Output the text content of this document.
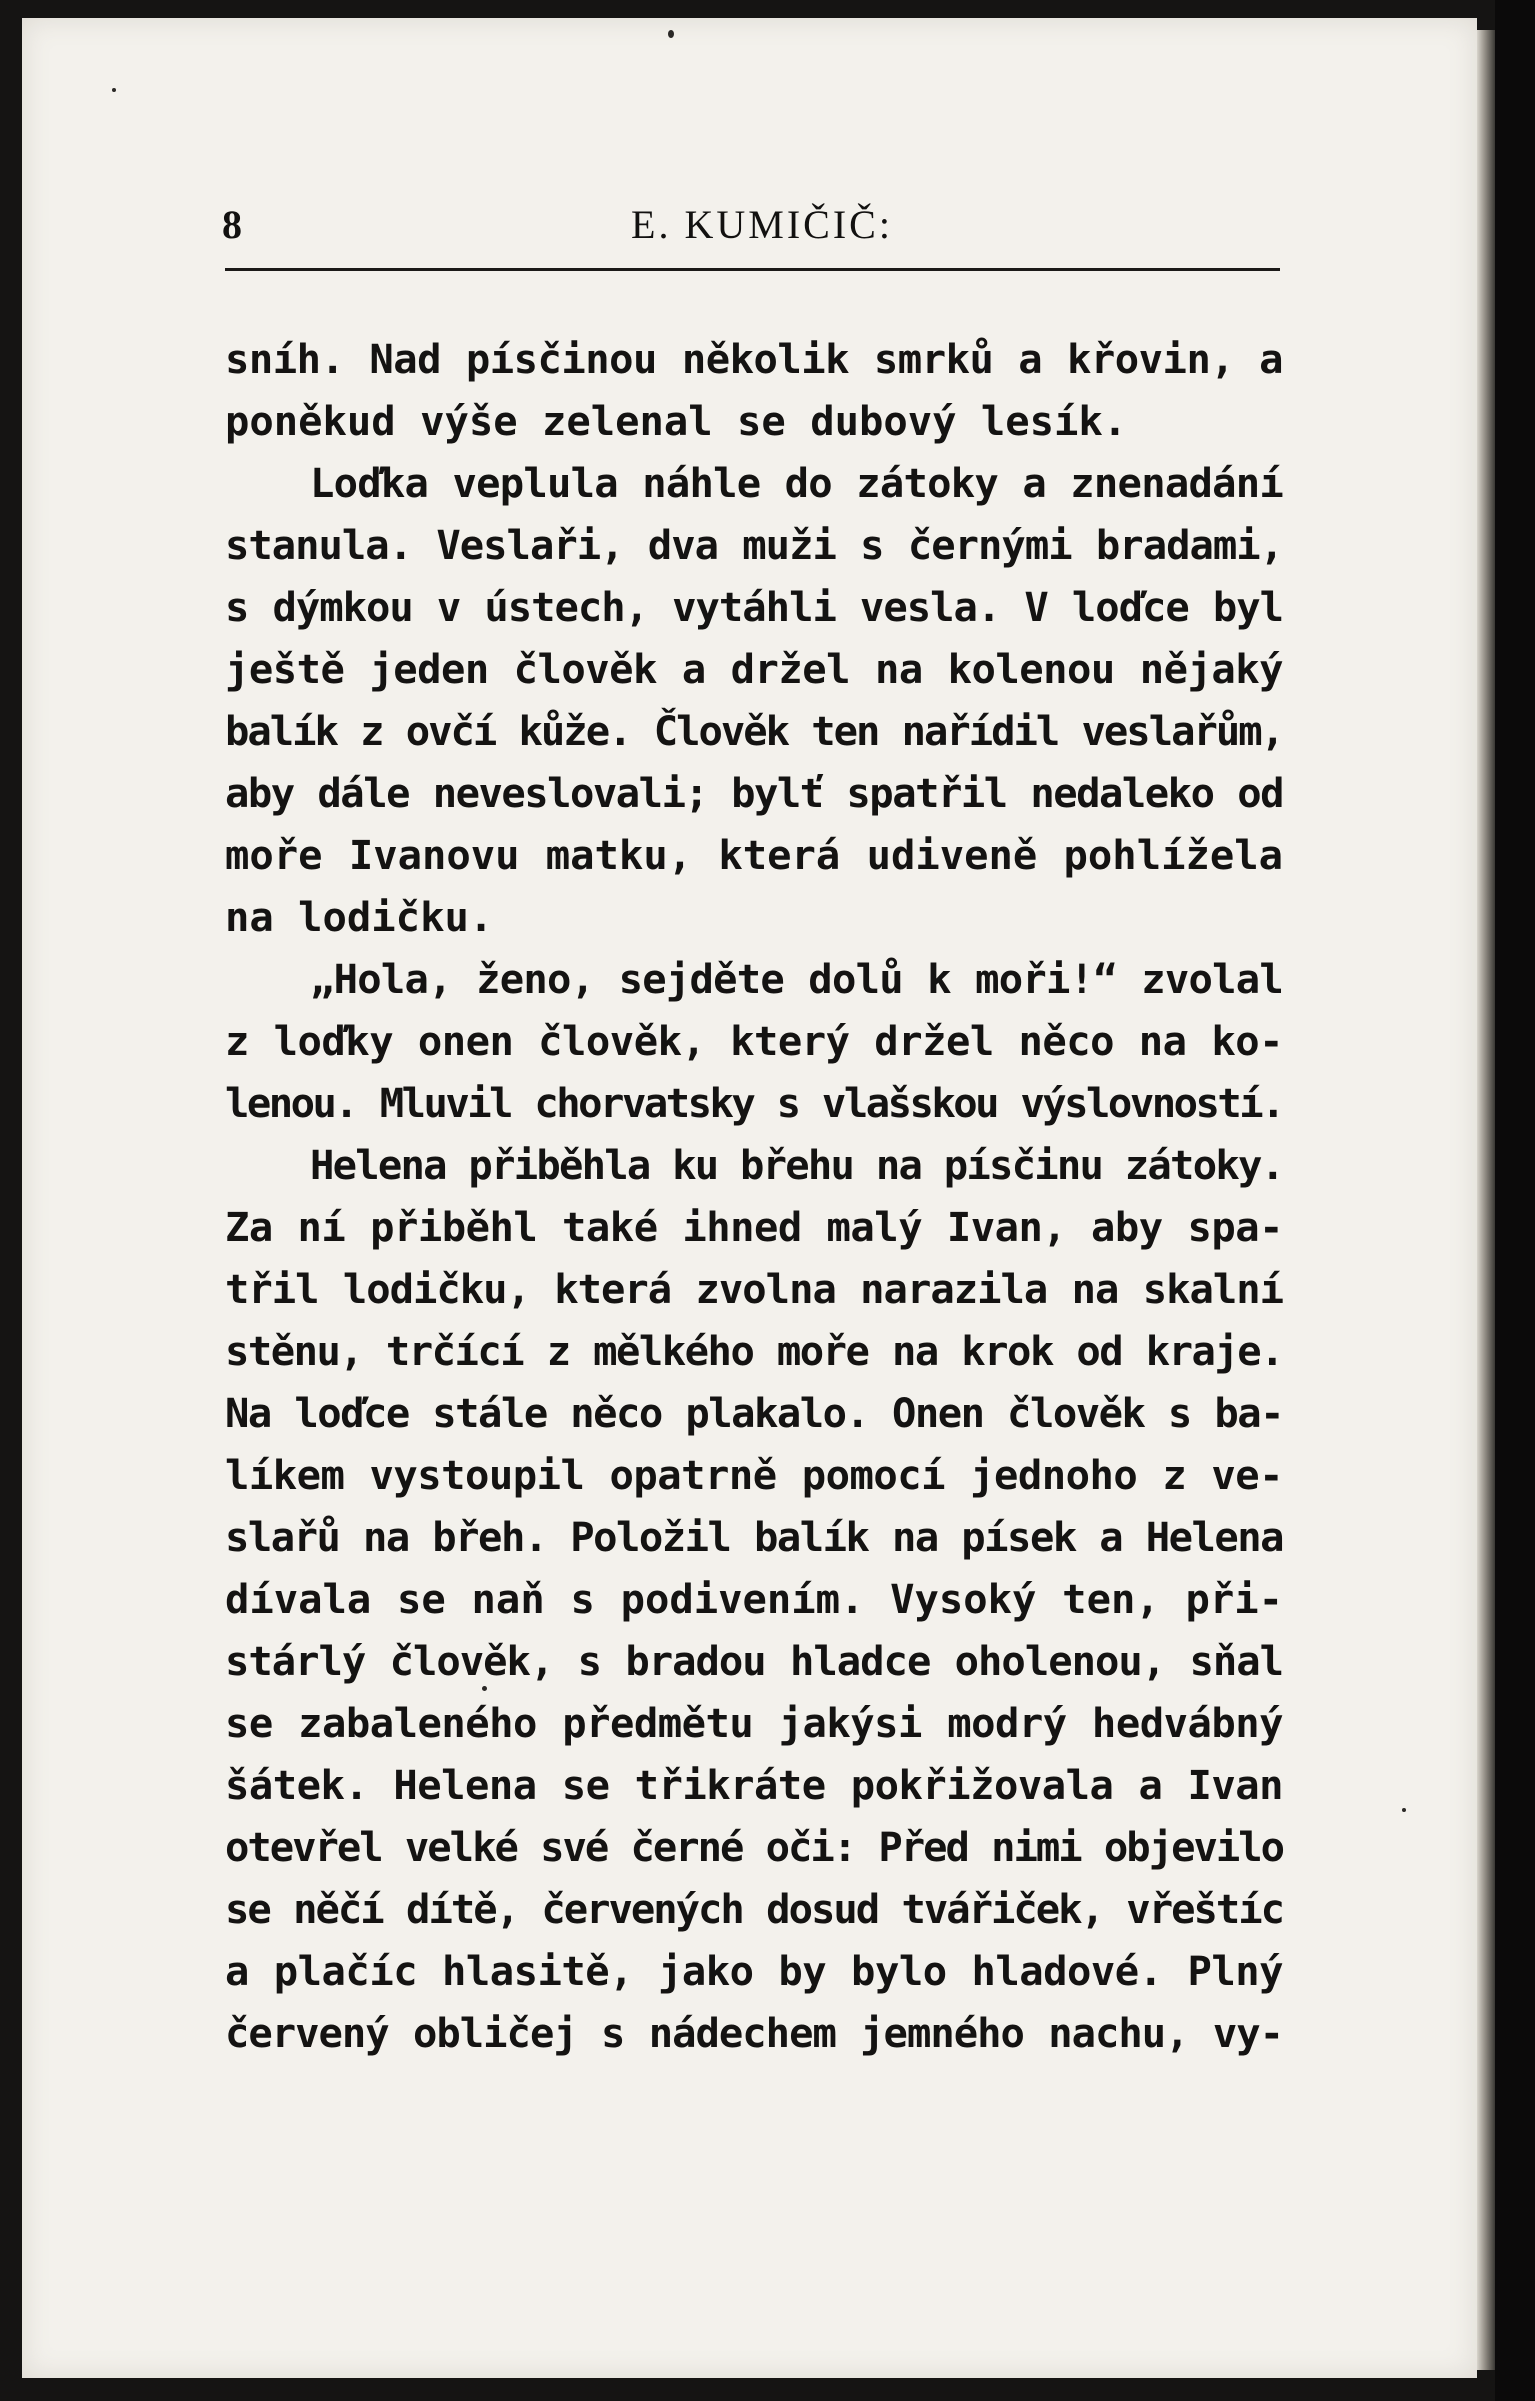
8	E. KUMIČIČ:
sníh. Nad písčinou několik smrků a křovin, a
poněkud výše zelenal se dubový lesík.
Loďka veplula náhle do zátoky a znenadání
stanula. Veslaři, dva muži s černými bradami,
s dýmkou v ústech, vytáhli vesla. V loďce byl
ještě jeden člověk a držel na kolenou nějaký
balík z ovčí kůže. Člověk ten nařídil veslařům,
aby dále neveslovali; bylť spatřil nedaleko od
moře Ivanovu matku, která udiveně pohlížela
na lodičku.
„Hola, ženo, sejděte dolů k moři!“ zvolal
z loďky onen člověk, který držel něco na ko-
lenou. Mluvil chorvatsky s vlašskou výslovností.
Helena přiběhla ku břehu na písčinu zátoky.
Za ní přiběhl také ihned malý Ivan, aby spa-
třil lodičku, která zvolna narazila na skalní
stěnu, trčící z mělkého moře na krok od kraje.
Na loďce stále něco plakalo. Onen člověk s ba-
líkem vystoupil opatrně pomocí jednoho z ve-
slařů na břeh. Položil balík na písek a Helena
dívala se naň s podivením. Vysoký ten, při-
stárlý člověk, s bradou hladce oholenou, sňal
se zabaleného předmětu jakýsi modrý hedvábný
šátek. Helena se třikráte pokřižovala a Ivan
otevřel velké své černé oči: Před nimi objevilo
se něčí dítě, červených dosud tvářiček, vřeštíc
a plačíc hlasitě, jako by bylo hladové. Plný
červený obličej s nádechem jemného nachu, vy-
